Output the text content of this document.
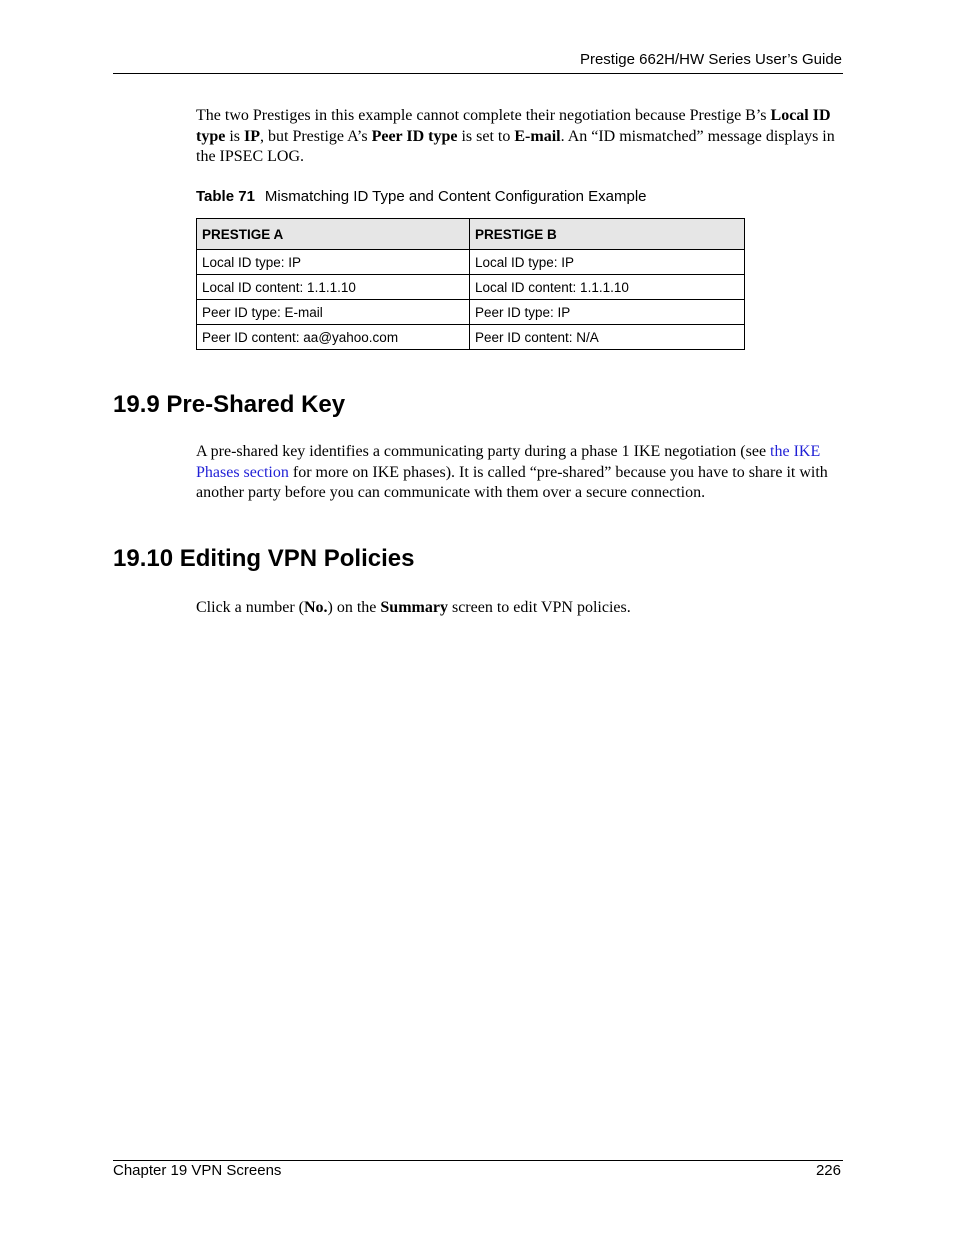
Prestige 662H/HW Series User’s Guide

The two Prestiges in this example cannot complete their negotiation because Prestige B’s Local ID type is IP, but Prestige A’s Peer ID type is set to E-mail. An “ID mismatched” message displays in the IPSEC LOG.

Table 71 Mismatching ID Type and Content Configuration Example
PRESTIGE A	PRESTIGE B
Local ID type: IP	Local ID type: IP
Local ID content: 1.1.1.10	Local ID content: 1.1.1.10
Peer ID type: E-mail	Peer ID type: IP
Peer ID content: aa@yahoo.com	Peer ID content: N/A
19.9 Pre-Shared Key

A pre-shared key identifies a communicating party during a phase 1 IKE negotiation (see the IKE Phases section for more on IKE phases). It is called “pre-shared” because you have to share it with another party before you can communicate with them over a secure connection.

19.10 Editing VPN Policies

Click a number (No.) on the Summary screen to edit VPN policies.

Chapter 19 VPN Screens	226
